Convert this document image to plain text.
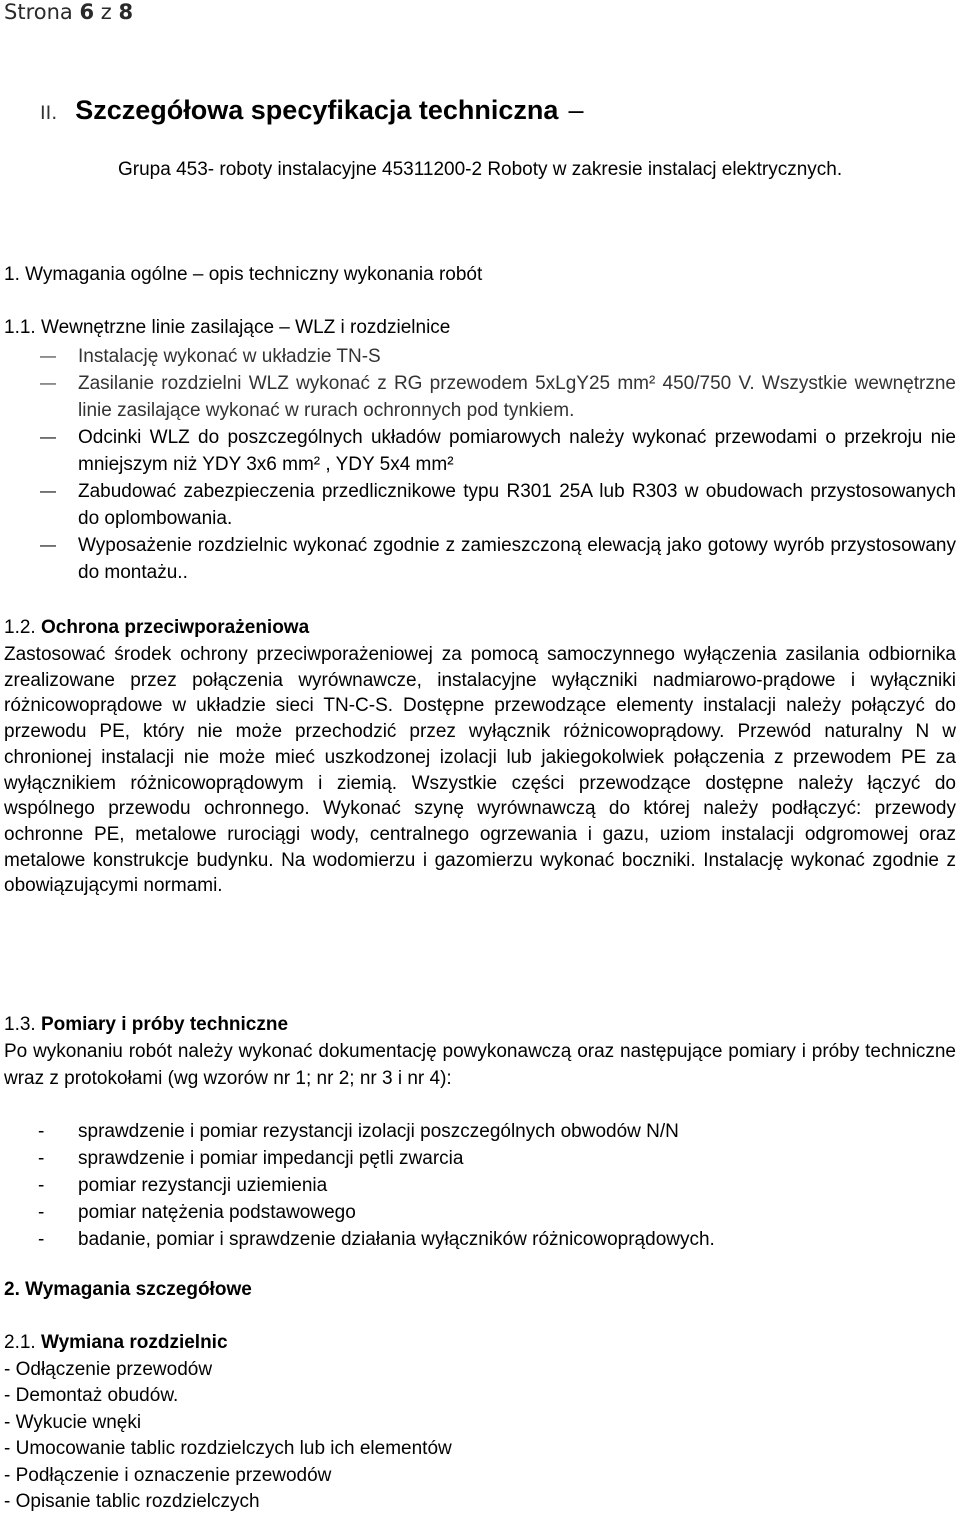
Strona 6 z 8
II. Szczegółowa specyfikacja techniczna –
Grupa 453- roboty instalacyjne 45311200-2 Roboty w zakresie instalacj elektrycznych.
1. Wymagania ogólne – opis techniczny wykonania robót
1.1. Wewnętrzne linie zasilające – WLZ i rozdzielnice
— Instalację wykonać w układzie TN-S
— Zasilanie rozdzielni WLZ wykonać z RG przewodem 5xLgY25 mm² 450/750 V. Wszystkie wewnętrzne linie zasilające wykonać w rurach ochronnych pod tynkiem.
— Odcinki WLZ do poszczególnych układów pomiarowych należy wykonać przewodami o przekroju nie mniejszym niż YDY 3x6 mm² , YDY 5x4 mm²
— Zabudować zabezpieczenia przedlicznikowe typu R301 25A lub R303 w obudowach przystosowanych do oplombowania.
— Wyposażenie rozdzielnic wykonać zgodnie z zamieszczoną elewacją jako gotowy wyrób przystosowany do montażu..
1.2. Ochrona przeciwporażeniowa
Zastosować środek ochrony przeciwporażeniowej za pomocą samoczynnego wyłączenia zasilania odbiornika zrealizowane przez połączenia wyrównawcze, instalacyjne wyłączniki nadmiarowo-prądowe i wyłączniki różnicowoprądowe w układzie sieci TN-C-S. Dostępne przewodzące elementy instalacji należy połączyć do przewodu PE, który nie może przechodzić przez wyłącznik różnicowoprądowy. Przewód naturalny N w chronionej instalacji nie może mieć uszkodzonej izolacji lub jakiegokolwiek połączenia z przewodem PE za wyłącznikiem różnicowoprądowym i ziemią. Wszystkie części przewodzące dostępne należy łączyć do wspólnego przewodu ochronnego. Wykonać szynę wyrównawczą do której należy podłączyć: przewody ochronne PE, metalowe rurociągi wody, centralnego ogrzewania i gazu, uziom instalacji odgromowej oraz metalowe konstrukcje budynku. Na wodomierzu i gazomierzu wykonać boczniki. Instalację wykonać zgodnie z obowiązującymi normami.
1.3. Pomiary i próby techniczne
Po wykonaniu robót należy wykonać dokumentację powykonawczą oraz następujące pomiary i próby techniczne wraz z protokołami (wg wzorów nr 1; nr 2; nr 3 i nr 4):
- sprawdzenie i pomiar rezystancji izolacji poszczególnych obwodów N/N
- sprawdzenie i pomiar impedancji pętli zwarcia
- pomiar rezystancji uziemienia
- pomiar natężenia podstawowego
- badanie, pomiar i sprawdzenie działania wyłączników różnicowoprądowych.
2. Wymagania szczegółowe
2.1. Wymiana rozdzielnic
- Odłączenie przewodów
- Demontaż obudów.
- Wykucie wnęki
- Umocowanie tablic rozdzielczych lub ich elementów
- Podłączenie i oznaczenie przewodów
- Opisanie tablic rozdzielczych
